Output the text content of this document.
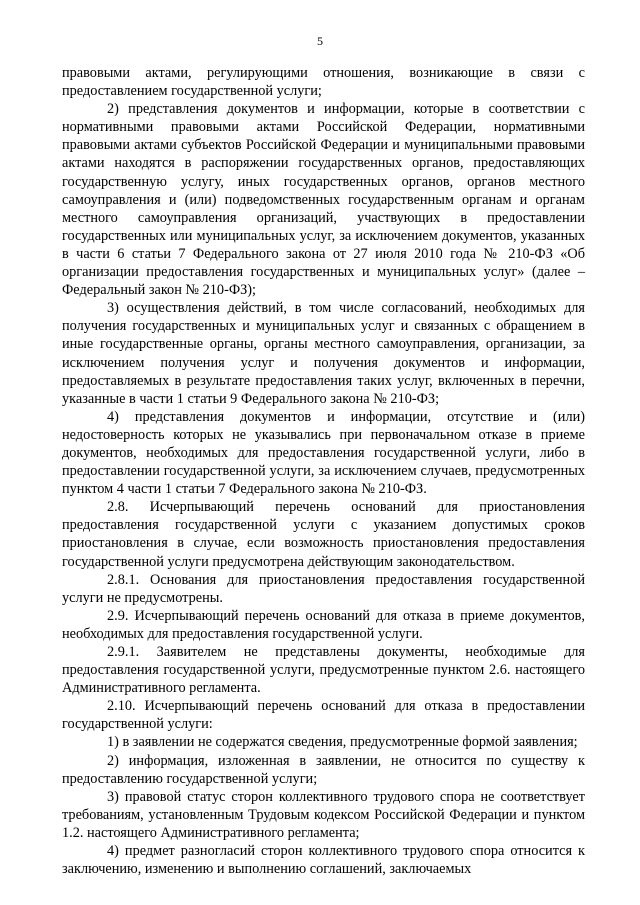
5

правовыми актами, регулирующими отношения, возникающие в связи с предоставлением государственной услуги;

2) представления документов и информации, которые в соответствии с нормативными правовыми актами Российской Федерации, нормативными правовыми актами субъектов Российской Федерации и муниципальными правовыми актами находятся в распоряжении государственных органов, предоставляющих государственную услугу, иных государственных органов, органов местного самоуправления и (или) подведомственных государственным органам и органам местного самоуправления организаций, участвующих в предоставлении государственных или муниципальных услуг, за исключением документов, указанных в части 6 статьи 7 Федерального закона от 27 июля 2010 года № 210-ФЗ «Об организации предоставления государственных и муниципальных услуг» (далее – Федеральный закон № 210-ФЗ);

3) осуществления действий, в том числе согласований, необходимых для получения государственных и муниципальных услуг и связанных с обращением в иные государственные органы, органы местного самоуправления, организации, за исключением получения услуг и получения документов и информации, предоставляемых в результате предоставления таких услуг, включенных в перечни, указанные в части 1 статьи 9 Федерального закона № 210-ФЗ;

4) представления документов и информации, отсутствие и (или) недостоверность которых не указывались при первоначальном отказе в приеме документов, необходимых для предоставления государственной услуги, либо в предоставлении государственной услуги, за исключением случаев, предусмотренных пунктом 4 части 1 статьи 7 Федерального закона № 210-ФЗ.

2.8. Исчерпывающий перечень оснований для приостановления предоставления государственной услуги с указанием допустимых сроков приостановления в случае, если возможность приостановления предоставления государственной услуги предусмотрена действующим законодательством.

2.8.1. Основания для приостановления предоставления государственной услуги не предусмотрены.

2.9. Исчерпывающий перечень оснований для отказа в приеме документов, необходимых для предоставления государственной услуги.

2.9.1. Заявителем не представлены документы, необходимые для предоставления государственной услуги, предусмотренные пунктом 2.6. настоящего Административного регламента.

2.10. Исчерпывающий перечень оснований для отказа в предоставлении государственной услуги:

1) в заявлении не содержатся сведения, предусмотренные формой заявления;

2) информация, изложенная в заявлении, не относится по существу к предоставлению государственной услуги;

3) правовой статус сторон коллективного трудового спора не соответствует требованиям, установленным Трудовым кодексом Российской Федерации и пунктом 1.2. настоящего Административного регламента;

4) предмет разногласий сторон коллективного трудового спора относится к заключению, изменению и выполнению соглашений, заключаемых
